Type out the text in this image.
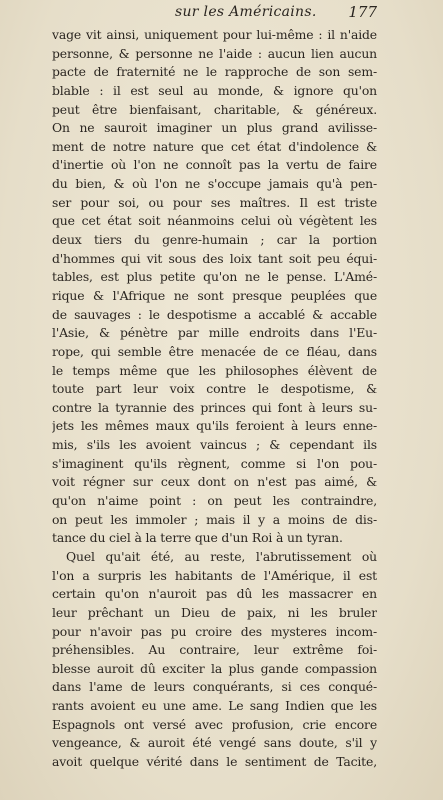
sur les Américains. 177
vage vit ainsi, uniquement pour lui-même : il n'aide
personne, & personne ne l'aide : aucun lien aucun
pacte de fraternité ne le rapproche de son sem-
blable : il est seul au monde, & ignore qu'on
peut être bienfaisant, charitable, & généreux.
On ne sauroit imaginer un plus grand avilisse-
ment de notre nature que cet état d'indolence &
d'inertie où l'on ne connoît pas la vertu de faire
du bien, & où l'on ne s'occupe jamais qu'à pen-
ser pour soi, ou pour ses maîtres. Il est triste
que cet état soit néanmoins celui où végètent les
deux tiers du genre-humain ; car la portion
d'hommes qui vit sous des loix tant soit peu équi-
tables, est plus petite qu'on ne le pense. L'Amé-
rique & l'Afrique ne sont presque peuplées que
de sauvages : le despotisme a accablé & accable
l'Asie, & pénètre par mille endroits dans l'Eu-
rope, qui semble être menacée de ce fléau, dans
le temps même que les philosophes élèvent de
toute part leur voix contre le despotisme, &
contre la tyrannie des princes qui font à leurs su-
jets les mêmes maux qu'ils feroient à leurs enne-
mis, s'ils les avoient vaincus ; & cependant ils
s'imaginent qu'ils règnent, comme si l'on pou-
voit régner sur ceux dont on n'est pas aimé, &
qu'on n'aime point : on peut les contraindre,
on peut les immoler ; mais il y a moins de dis-
tance du ciel à la terre que d'un Roi à un tyran.
Quel qu'ait été, au reste, l'abrutissement où
l'on a surpris les habitants de l'Amérique, il est
certain qu'on n'auroit pas dû les massacrer en
leur prêchant un Dieu de paix, ni les bruler
pour n'avoir pas pu croire des mysteres incom-
préhensibles. Au contraire, leur extrême foi-
blesse auroit dû exciter la plus gande compassion
dans l'ame de leurs conquérants, si ces conqué-
rants avoient eu une ame. Le sang Indien que les
Espagnols ont versé avec profusion, crie encore
vengeance, & auroit été vengé sans doute, s'il y
avoit quelque vérité dans le sentiment de Tacite,
